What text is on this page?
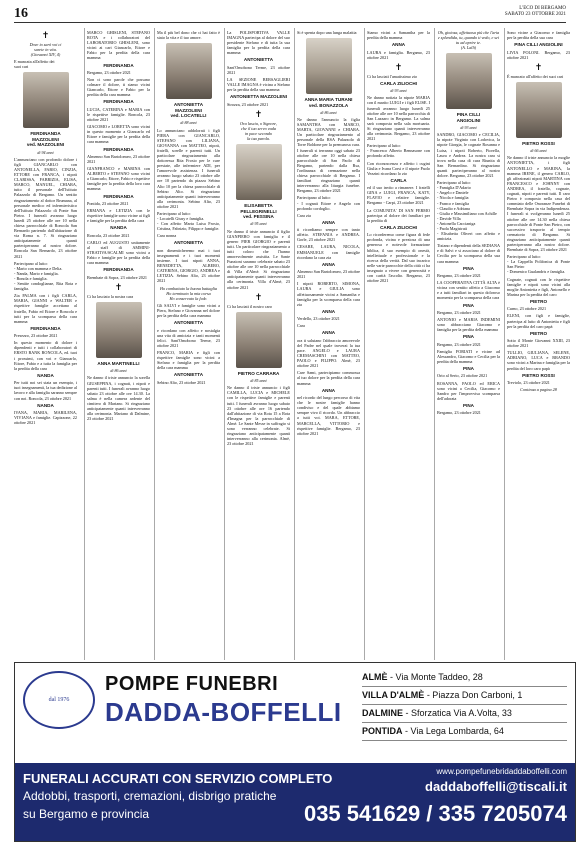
16	L'ECO DI BERGAMO
SABATO 23 OTTOBRE 2021
✝
Dove io sarò voi ci
sarete in vita.
(Giovanni XIV, 4)
E mancata all'affetto dei
suoi cari
FERDINANDA
MAZZOLENI
ved. MAZZOLENI
di 94 anni
L'annunciano con profondo dolore i figli GIANCARLO con ANTONELLA, FABIO, CINZIA, ETTORE con FRANCA, i nipoti CLARISSA, FABRIZIA, ELISA, MARCO, MANUEL, CHIARA, tutto il personale dell'Istituto Palazzolo di Bergamo. Un sentito ringraziamento al dottor Brumana, al personale medico ed infermieristico dell'Istituto Palazzolo di Ponte San Pietro. I funerali avranno luogo lunedì 25 ottobre alle ore 10 nella chiesa parrocchiale di Roncola San Bernardo partendo dall'abitazione di via Roma n. 7. Si ringraziano anticipatamente quanti parteciperanno al nostro dolore. Roncola San Bernardo, 23 ottobre 2021
Partecipano al lutto:
- Mario con mamma e Delia.
- Nanda, Mario e famiglia.
- Bonola e famiglia.
- Sentite condoglianze, Rita Rota e famiglia.
Zia PALMA con i figli CARLA, MARIA, GIANNI e WALTER e rispettive famiglie accettano al fratello, Fabio ed Ettore e Roncola e tutti per la scomparsa della cara mamma
FERDINANDA
Presezzo, 23 ottobre 2021
In questo momento di dolore i dipendenti e tutti i collaboratori di ERSTO BANK RONCOLA, ed. tuoi i prossimi, con voi e Giancarlo, Ettore, Fabio e a tutta la famiglia per la perdita della cara
NANDA
Per tutti noi sei stata un esempio, i tuoi insegnamenti, la tua dedizione al lavoro e alla famiglia saranno sempre con noi. Roncola, 23 ottobre 2021
NANDA
IVANA, MARIA, MARILENA, VIVIANA e famiglie. Capizzone, 22 ottobre 2021
MARCO GHISLENI, STEFANO ROTA e i collaboratori del LABORATORIO GHISLENI, sono vicini ai cari Giancarlo, Ettore e Fabio per la perdita della cara mamma
FERDINANDA
Bergamo, 23 ottobre 2021
Non ci sono parole che possano colmare il dolore, ti siamo vicini Giancarlo, Ettore e Fabio per la perdita della cara mamma
FERDINANDA
LUCIA, CATERINA e MARIA con le rispettive famiglie. Roncola, 23 ottobre 2021
GIACOMO e LORETTA sono vicini in questo momento a Giancarlo ed Ettore e famiglie per la perdita della cara mamma
FERDINANDA
Almenno San Bartolomeo, 23 ottobre 2021
GIANFRANCO e MARINA con ALBERTO e STEFANO sono vicini a Giancarlo, Ettore, Fabio e rispettive famiglie per la perdita della loro cara mamma
FERDINANDA
Pontida, 23 ottobre 2021
ERMANA e LETIZIA con le rispettive famiglie sono vicine ai figli e famiglie per la perdita della cara
NANDA
Roncola, 23 ottobre 2021
CARLO ed AUGUSTO unitamente al staff di AMMINI-STRATIVA/SCALMI sono vicini a Fabio e famiglie per la perdita della cara mamma
FERDINANDA
Brembate di Sopra, 23 ottobre 2021
✝
Ci ha lasciato la nostra cara
ANNA MARTINELLI
di 86 anni
Ne danno il triste annuncio la sorella GIUSEPPINA, i cognati, i nipoti e parenti tutti. I funerali avranno luogo sabato 23 ottobre alle ore 14.30. La salma è nella camera ardente del cimitero di Mariano. Si ringraziano anticipatamente quanti interverranno alla cerimonia. Mariano di Dalmine, 23 ottobre 2021
Ma il più bel dono che ci hai fatto è stato la vita e il tuo amore.
ANTONIETTA
MAZZOLENI
ved. LOCATELLI
di 88 anni
Lo annunciano addolorati i figli PIERA con GIANCARLO, STEFANO con LILIANA, GIOVANNA con MATTEO, nipoti, fratelli, sorelle e parenti tutti. Un particolare ringraziamento alla dottoressa Rita Frosio per le cure prestate, alle infermiere ADI, per l'amorevole assistenza. I funerali avranno luogo sabato 23 ottobre alle ore 10 partendo da piazza Sebino Alto 10 per la chiesa parrocchiale di Sebino Alto. Si ringraziano anticipatamente quanti interverranno alla cerimonia. Sebino Alto, 23 ottobre 2021
Partecipano al lutto:
- Locatelli Giusy e famiglia.
- Con affetto Marta Luisa Frosio, Cristina, Fabrizio, Filippo e famiglie.
Cara nonna
ANTONIETTA
non dimenticheremo mai i tuoi insegnamenti e i tuoi momenti insieme. I tuoi nipoti ANNA, BENEDETTA, ALBERO, CATERINA, GIORGIO, ANDREA e LETIZIA. Sebino Alto, 23 ottobre 2021
Ho combattuto la buona battaglia
Ho terminato la mia corsa
Ho conservato la fede.
Gli SALVI e famiglie sono vicini a Piera, Stefano e Giovanna nel dolore per la perdita della cara mamma
ANTONIETTA
e ricordano con affetto e nostalgia una vita di amicizia e tanti momenti felici. Sant'Omobono Terme, 23 ottobre 2021
FRANCO, MARIA e figli con rispettive famiglie sono vicini a Stefano e famiglia per la perdita della cara mamma
ANTONIETTA
Sebino Alto, 23 ottobre 2021
La POLISPORTIVA VALLE IMAGNA partecipa al dolore del suo presidente Stefano e di tutta la sua famiglia per la perdita della cara mamma
ANTONIETTA
Sant'Omobono Terme, 23 ottobre 2021
LA SEZIONE BERSAGLIERI VALLE IMAGNA è vicina a Stefano per la perdita della sua mamma
ANTONIETTA MAZZOLENI
Strozza, 23 ottobre 2021
✝
Ora lascia, o Signore,
che il tuo servo vada
in pace secondo
la tua parola.
ELISABETTA
PELLEGRINELLI
ved. PESSINA
di 95 anni
Ne danno il triste annuncio il figlio GIANPIERO con famiglia e il genero PIER GIORGIO e parenti tutti. Un particolare ringraziamento a tutti coloro che l'hanno amorevolmente assistita. Le Sante Funzioni saranno celebrate sabato 23 ottobre alle ore 10 nella parrocchiale di Villa d'Almè. Si ringraziano anticipatamente quanti interverranno alla cerimonia. Villa d'Almè, 23 ottobre 2021
✝
Ci ha lasciati il nostro caro
PIETRO CARRARA
di 85 anni
Ne danno il triste annuncio i figli CAMILLA, LUCIA e MICHELE con le rispettive famiglie e parenti tutti. I funerali avranno luogo sabato 23 ottobre alle ore 16 partendo dall'abitazione di via Rota 15 a Rota d'Imagna per la parrocchiale di Almè. Le Sante Messe in suffragio si sono verranno celebrate. Si ringraziano anticipatamente quanti interverranno alla cerimonia. Almè, 23 ottobre 2021
Si è spenta dopo una lunga malattia
ANNA MARIA TURANI
ved. BONAZZOLA
di 86 anni
Ne danno l'annuncio la figlia SAMANTHA con MARCO, MARTA, GIOVANNI e CHIARA. Un particolare ringraziamento al personale della RSA Palazzolo di Torre Boldone per la premurosa cura. I funerali si terranno oggi sabato 23 ottobre alle ore 10 nella chiesa parrocchiale di San Paolo di Bergamo, partendo dalla Rsa, l'ordinanza di cremazione nella chiesa parrocchiale di Bergamo. I familiari ringraziano quanti interverranno alla liturgia funebre. Bergamo, 23 ottobre 2021
Partecipano al lutto:
- I cognati Ettore e Angelo con profondo cordoglio.
Cara zia
ANNA
ti ricordiamo sempre con tanto affetto. STEFANIA e ANDREA. Gorle, 23 ottobre 2021
CESARE, LAURA, NICOLA, EMMANUELE con famiglie ricordano la cara zia
ANNA
Almenno San Bartolomeo, 23 ottobre 2021
I nipoti ROBERTO, SIMONA, LAURA e GIULIA sono affettuosamente vicini a Samantha e famiglia per la scomparsa della cara zia
ANNA
Verdello, 23 ottobre 2021
Cara
ANNA
ora ti salutano l'abbraccio amorevole del Padre nel quale troverai la tua pace. ANGELO e LAURA CREMASCHINI con MATTEO, PAOLO e FILIPPO. Almè, 23 ottobre 2021
Care Sami, partecipiamo commossa al tuo dolore per la perdita della cara mamma
ANNA
nel ricordo del lungo percorso di vita che le nostre famiglie hanno condiviso e del quale abbiamo sempre vivo il ricordo. Un abbraccio a tutti voi. MARA, ETTORE, MARCELLA, VITTORIO e rispettive famiglie. Bergamo, 23 ottobre 2021
Siamo vicini a Samantha per la perdita della mamma
ANNA
LAURA e famiglia. Bergamo, 23 ottobre 2021
✝
Ci ha lasciati l'amatissimo zio
CARLA ZILIOCHI
di 93 anni
Ne danno notizia la nipote MARIA con il marito LUIGI e i figli ELISE. I funerali avranno luogo lunedì 25 ottobre alle ore 10 nella parrocchia di San Lazzaro in Bergamo. La salma sarà composta nella sala mortuaria. Si ringraziano quanti interverranno alla cerimonia. Bergamo, 23 ottobre 2021
Partecipano al lutto:
- Francesco Alberto Bennasone con profondo affetto.
Con riconoscenza e affetto i cugini Giulia e Ivana Corsi e il nipote Paolo Vezzini ricordano lo zio
CARLA
ed il suo invito a rimanere. I fratelli GINA e LUIGI, FRANCA, KATY, FLAVIO e relative famiglie. Bergamo - Carpi, 23 ottobre 2021
La COMUNITA' DI SAN FERMO partecipa al dolore dei familiari per la perdita di
CARLA ZILIOCHI
Lo ricorderemo come figura di fede profonda, vicina e preziosa di una generosa e notevole formazione biblica, il suo esempio di onestà, intellettuale e professionale e la ricerca della verità. Dal suo incarico nelle varie parrocchie della città ci ha insegnato a vivere con generosità e con carità l'ascolto. Bergamo, 23 ottobre 2021
Oh, gioiosa, affettuosa più che l'aria e splendida, tu, quando ti vedo, e sei tu ad aprire te.
(A. Lalli)
PINA CILLI
ANGIOLINI
di 93 anni
SANDRO, GIACOMO e CECILIA, la nipote Virginio con Lodovica, la nipote Giorgia, le cognate Rosanna e Luisa, i nipoti Roberto, Fiorella, Laura e Andrea. La nostra cara si trova nella casa di cura Riunita di San Bernardino. Si ringraziano quanti parteciperanno al nostro dolore. Bergamo, 23 ottobre 2021
Partecipano al lutto:
- Famiglia D'Adario
- Angelo e Daniele
- Nicola e famiglia
- Franco e famiglia
- Claudio e Adriana
- Giulia e Massimiliano con Achille
- Davide Villa
- Antonella Caccianiga
- Paola Magistrati
- Elisabetta Oliveri con affetto e amicizia.
Tiziano e dipendenti della SEDIANA e di Salvi e si associano al dolore di Cecilia per la scomparsa della sua cara mamma
PINA
Bergamo, 23 ottobre 2021
LA COOPERATIVA CITTÀ ALTA è vicina con sentito affetto a Giacomo e a tutti familiari in questo doloroso momento per la scomparsa della cara
PINA
Bergamo, 23 ottobre 2021
ANTONIO e MARIA INDEMINI sono abbracciano Giacomo e famiglia per la perdita della mamma
PINA
Bergamo, 23 ottobre 2021
Famiglia FORIATI e vicine ad Alessandro, Giacomo e Cecilia per la perdita della mamma
PINA
Orio al Serio, 23 ottobre 2021
ROSANNA, PAOLO ed ERICA sono vicini a Cecilia, Giacomo e Sandro per l'improvvisa scomparsa dell'adorata
PINA
Bergamo, 23 ottobre 2021
Sono vicine a Giacomo e famiglia per la perdita della sua cara
PINA CILLI ANGIOLINI
LIVIA POLONI. Bergamo, 23 ottobre 2021
✝
È mancato all'affetto dei suoi cari
PIETRO ROSSI
di 66 anni
Ne danno il triste annuncio la moglie ANTONIETTA, i figli ANTONELLO e MARINA, la mamma IRENE, il genero CARLO, gli affezionati nipoti MARTINA con FRANCESCO e JOHNNY con ANDREA, il fratello, cognate, cognati, nipoti e parenti tutti. Il caro Pietro è composto nella casa del commiato delle Onoranze Funebri di Brembate Sopra in via Indipendenza. I funerali si svolgeranno lunedì 25 ottobre alle ore 14.30 nella chiesa parrocchiale di Ponte San Pietro, con successivo trasporto al tempio crematorio di Bergamo. Si ringraziano anticipatamente quanti parteciperanno alla nostro dolore. Brembate di Sopra, 23 ottobre 2021
Partecipano al lutto:
- La Cappella Polifonica di Ponte San Pietro
- Domenico Gualandris e famiglia.
Cognate, cognati con le rispettive famiglie e nipoti sono vicini alla moglie Antonietta e figli, Antonello e Marina per la perdita del caro
PIETRO
Curno, 23 ottobre 2021
ELENI, con figli e famiglie, partecipa al lutto di Antonietta e figli per la perdita del caro papà
PIETRO
Sotto il Monte Giovanni XXIII, 23 ottobre 2021
TULLIO, GIULIANA, SELENE, ADRIANO, LUCA e BRANDO sono vicini a Marina e famiglia per la perdita del loro caro papà
PIETRO ROSSI
Treviolo, 23 ottobre 2021
Continua a pagina 28
dal 1976
POMPE FUNEBRI
DADDA-BOFFELLI
ALMÈ - Via Monte Taddeo, 28
VILLA D'ALMÈ - Piazza Don Carboni, 1
DALMINE - Sforzatica Via A.Volta, 33
PONTIDA - Via Lega Lombarda, 64
FUNERALI ACCURATI CON SERVIZIO COMPLETO
Addobbi, trasporti, cremazioni, disbrigo pratiche
su Bergamo e provincia
www.pompefunebridaddaboffelli.com
daddaboffelli@tiscali.it
035 541629 / 335 7205074
